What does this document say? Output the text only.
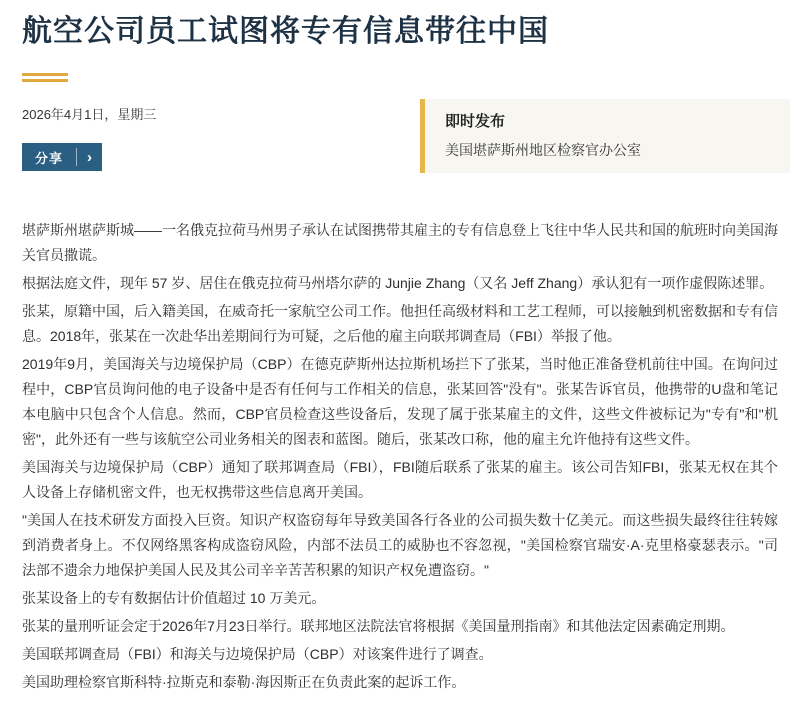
航空公司员工试图将专有信息带往中国
2026年4月1日，星期三
分享	›
即时发布
美国堪萨斯州地区检察官办公室

堪萨斯州堪萨斯城——一名俄克拉荷马州男子承认在试图携带其雇主的专有信息登上飞往中华人民共和国的航班时向美国海关官员撒谎。

根据法庭文件，现年 57 岁、居住在俄克拉荷马州塔尔萨的 Junjie Zhang（又名 Jeff Zhang）承认犯有一项作虚假陈述罪。

张某，原籍中国，后入籍美国，在威奇托一家航空公司工作。他担任高级材料和工艺工程师，可以接触到机密数据和专有信息。2018年，张某在一次赴华出差期间行为可疑，之后他的雇主向联邦调查局（FBI）举报了他。

2019年9月，美国海关与边境保护局（CBP）在德克萨斯州达拉斯机场拦下了张某，当时他正准备登机前往中国。在询问过程中，CBP官员询问他的电子设备中是否有任何与工作相关的信息，张某回答"没有"。张某告诉官员，他携带的U盘和笔记本电脑中只包含个人信息。然而，CBP官员检查这些设备后，发现了属于张某雇主的文件，这些文件被标记为"专有"和"机密"，此外还有一些与该航空公司业务相关的图表和蓝图。随后，张某改口称，他的雇主允许他持有这些文件。

美国海关与边境保护局（CBP）通知了联邦调查局（FBI），FBI随后联系了张某的雇主。该公司告知FBI，张某无权在其个人设备上存储机密文件，也无权携带这些信息离开美国。

"美国人在技术研发方面投入巨资。知识产权盗窃每年导致美国各行各业的公司损失数十亿美元。而这些损失最终往往转嫁到消费者身上。不仅网络黑客构成盗窃风险，内部不法员工的威胁也不容忽视，"美国检察官瑞安·A·克里格豪瑟表示。"司法部不遗余力地保护美国人民及其公司辛辛苦苦积累的知识产权免遭盗窃。"

张某设备上的专有数据估计价值超过 10 万美元。

张某的量刑听证会定于2026年7月23日举行。联邦地区法院法官将根据《美国量刑指南》和其他法定因素确定刑期。

美国联邦调查局（FBI）和海关与边境保护局（CBP）对该案件进行了调查。

美国助理检察官斯科特·拉斯克和泰勒·海因斯正在负责此案的起诉工作。
